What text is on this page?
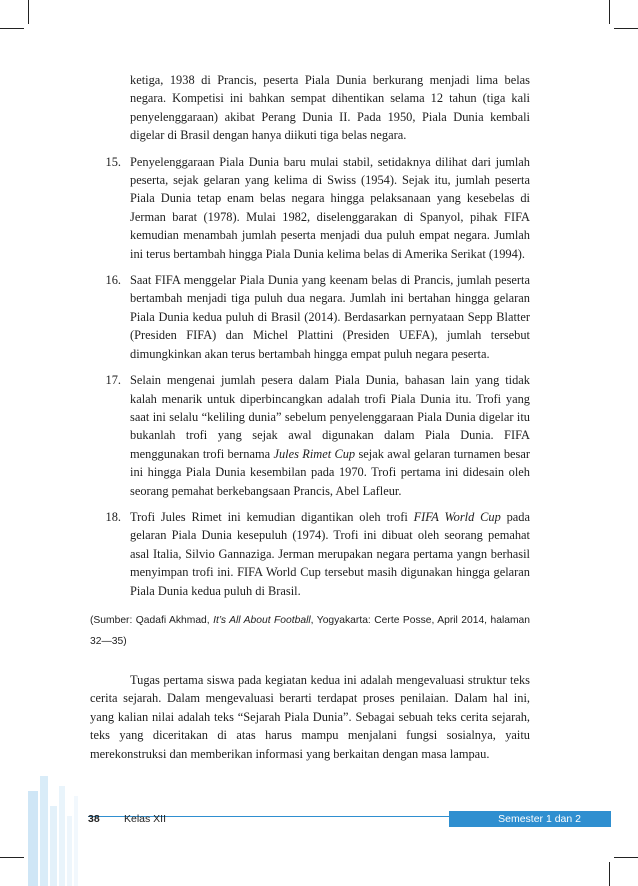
ketiga, 1938 di Prancis, peserta Piala Dunia berkurang menjadi lima belas negara. Kompetisi ini bahkan sempat dihentikan selama 12 tahun (tiga kali penyelenggaraan) akibat Perang Dunia II. Pada 1950, Piala Dunia kembali digelar di Brasil dengan hanya diikuti tiga belas negara.

15. Penyelenggaraan Piala Dunia baru mulai stabil, setidaknya dilihat dari jumlah peserta, sejak gelaran yang kelima di Swiss (1954). Sejak itu, jumlah peserta Piala Dunia tetap enam belas negara hingga pelaksanaan yang kesebelas di Jerman barat (1978). Mulai 1982, diselenggarakan di Spanyol, pihak FIFA kemudian menambah jumlah peserta menjadi dua puluh empat negara. Jumlah ini terus bertambah hingga Piala Dunia kelima belas di Amerika Serikat (1994).

16. Saat FIFA menggelar Piala Dunia yang keenam belas di Prancis, jumlah peserta bertambah menjadi tiga puluh dua negara. Jumlah ini bertahan hingga gelaran Piala Dunia kedua puluh di Brasil (2014). Berdasarkan pernyataan Sepp Blatter (Presiden FIFA) dan Michel Plattini (Presiden UEFA), jumlah tersebut dimungkinkan akan terus bertambah hingga empat puluh negara peserta.

17. Selain mengenai jumlah pesera dalam Piala Dunia, bahasan lain yang tidak kalah menarik untuk diperbincangkan adalah trofi Piala Dunia itu. Trofi yang saat ini selalu “keliling dunia” sebelum penyelenggaraan Piala Dunia digelar itu bukanlah trofi yang sejak awal digunakan dalam Piala Dunia. FIFA menggunakan trofi bernama Jules Rimet Cup sejak awal gelaran turnamen besar ini hingga Piala Dunia kesembilan pada 1970. Trofi pertama ini didesain oleh seorang pemahat berkebangsaan Prancis, Abel Lafleur.

18. Trofi Jules Rimet ini kemudian digantikan oleh trofi FIFA World Cup pada gelaran Piala Dunia kesepuluh (1974). Trofi ini dibuat oleh seorang pemahat asal Italia, Silvio Gannaziga. Jerman merupakan negara pertama yangn berhasil menyimpan trofi ini. FIFA World Cup tersebut masih digunakan hingga gelaran Piala Dunia kedua puluh di Brasil.

(Sumber: Qadafi Akhmad, It’s All About Football, Yogyakarta: Certe Posse, April 2014, halaman 32—35)

Tugas pertama siswa pada kegiatan kedua ini adalah mengevaluasi struktur teks cerita sejarah. Dalam mengevaluasi berarti terdapat proses penilaian. Dalam hal ini, yang kalian nilai adalah teks “Sejarah Piala Dunia”. Sebagai sebuah teks cerita sejarah, teks yang diceritakan di atas harus mampu menjalani fungsi sosialnya, yaitu merekonstruksi dan memberikan informasi yang berkaitan dengan masa lampau.

38 Kelas XII	Semester 1 dan 2
